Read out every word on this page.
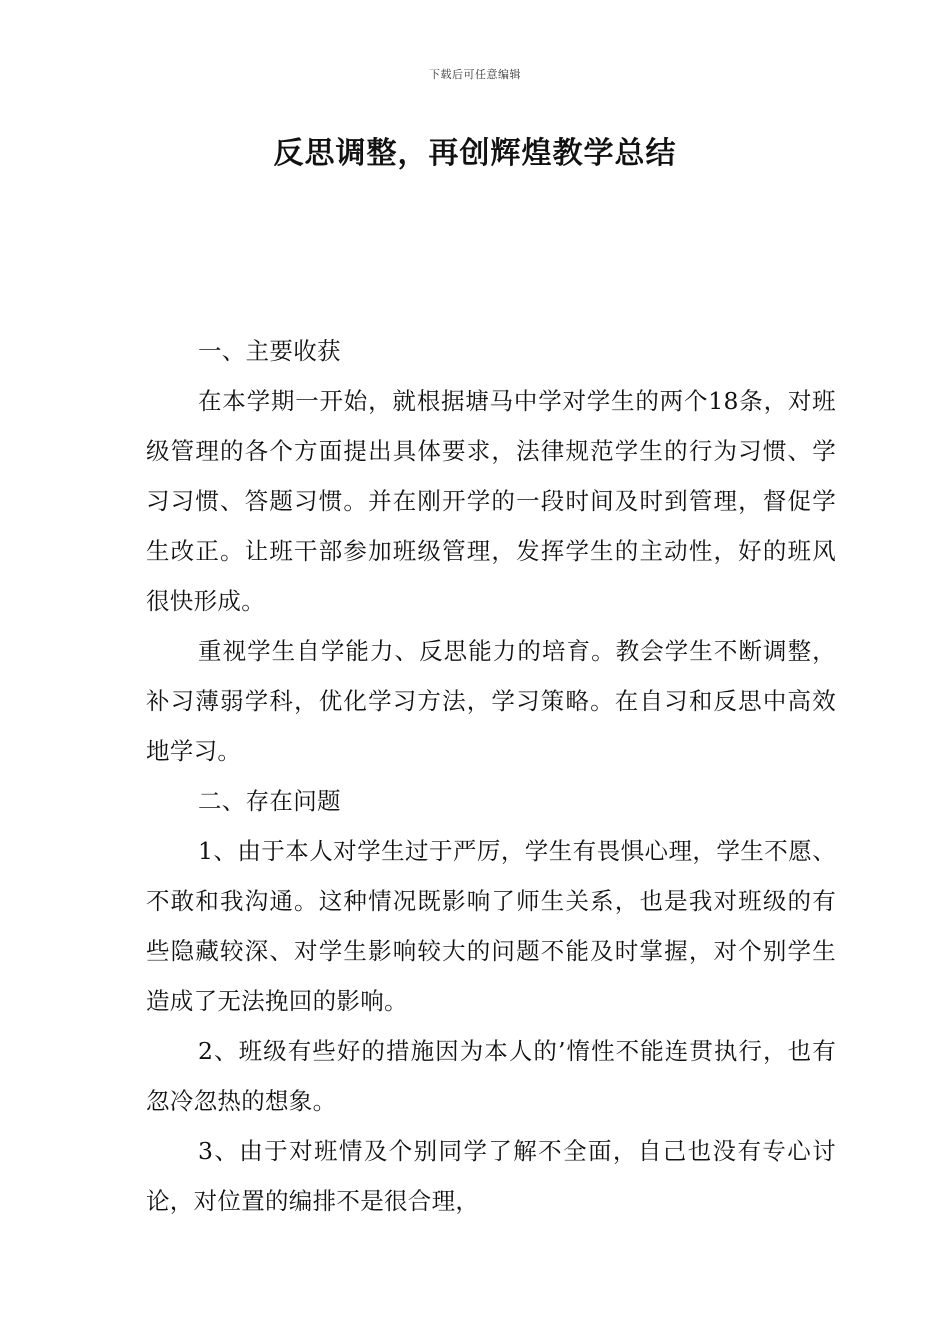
下载后可任意编辑
反思调整，再创辉煌教学总结

一、主要收获

在本学期一开始，就根据塘马中学对学生的两个18条，对班级管理的各个方面提出具体要求，法律规范学生的行为习惯、学习习惯、答题习惯。并在刚开学的一段时间及时到管理，督促学生改正。让班干部参加班级管理，发挥学生的主动性，好的班风很快形成。

重视学生自学能力、反思能力的培育。教会学生不断调整，补习薄弱学科，优化学习方法，学习策略。在自习和反思中高效地学习。

二、存在问题

1、由于本人对学生过于严厉，学生有畏惧心理，学生不愿、不敢和我沟通。这种情况既影响了师生关系，也是我对班级的有些隐藏较深、对学生影响较大的问题不能及时掌握，对个别学生造成了无法挽回的影响。

2、班级有些好的措施因为本人的’惰性不能连贯执行，也有忽冷忽热的想象。

3、由于对班情及个别同学了解不全面，自己也没有专心讨论，对位置的编排不是很合理，
